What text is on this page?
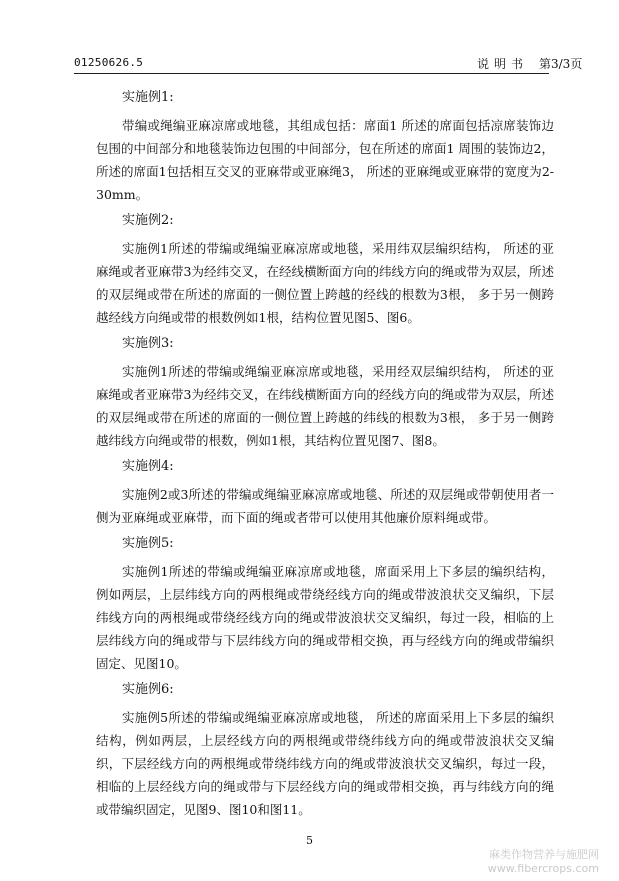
01250626.5	说明书 第3/3页
实施例1:

带编或绳编亚麻凉席或地毯，其组成包括：席面1 所述的席面包括凉席装饰边包围的中间部分和地毯装饰边包围的中间部分，包在所述的席面1 周围的装饰边2，所述的席面1包括相互交叉的亚麻带或亚麻绳3， 所述的亚麻绳或亚麻带的宽度为2-30mm。

实施例2:

实施例1所述的带编或绳编亚麻凉席或地毯，采用纬双层编织结构， 所述的亚麻绳或者亚麻带3为经纬交叉，在经线横断面方向的纬线方向的绳或带为双层，所述的双层绳或带在所述的席面的一侧位置上跨越的经线的根数为3根， 多于另一侧跨越经线方向绳或带的根数例如1根，结构位置见图5、图6。

实施例3:

实施例1所述的带编或绳编亚麻凉席或地毯，采用经双层编织结构， 所述的亚麻绳或者亚麻带3为经纬交叉，在纬线横断面方向的经线方向的绳或带为双层，所述的双层绳或带在所述的席面的一侧位置上跨越的纬线的根数为3根， 多于另一侧跨越纬线方向绳或带的根数，例如1根，其结构位置见图7、图8。

实施例4:

实施例2或3所述的带编或绳编亚麻凉席或地毯、所述的双层绳或带朝使用者一侧为亚麻绳或亚麻带，而下面的绳或者带可以使用其他廉价原料绳或带。

实施例5:

实施例1所述的带编或绳编亚麻凉席或地毯，席面采用上下多层的编织结构，例如两层，上层纬线方向的两根绳或带绕经线方向的绳或带波浪状交叉编织，下层纬线方向的两根绳或带绕经线方向的绳或带波浪状交叉编织，每过一段，相临的上层纬线方向的绳或带与下层纬线方向的绳或带相交换，再与经线方向的绳或带编织固定、见图10。

实施例6:

实施例5所述的带编或绳编亚麻凉席或地毯， 所述的席面采用上下多层的编织结构，例如两层，上层经线方向的两根绳或带绕纬线方向的绳或带波浪状交叉编织，下层经线方向的两根绳或带绕纬线方向的绳或带波浪状交叉编织，每过一段，相临的上层经线方向的绳或带与下层经线方向的绳或带相交换，再与纬线方向的绳或带编织固定，见图9、图10和图11。

5
麻类作物营养与施肥网
www.fibercrops.com
